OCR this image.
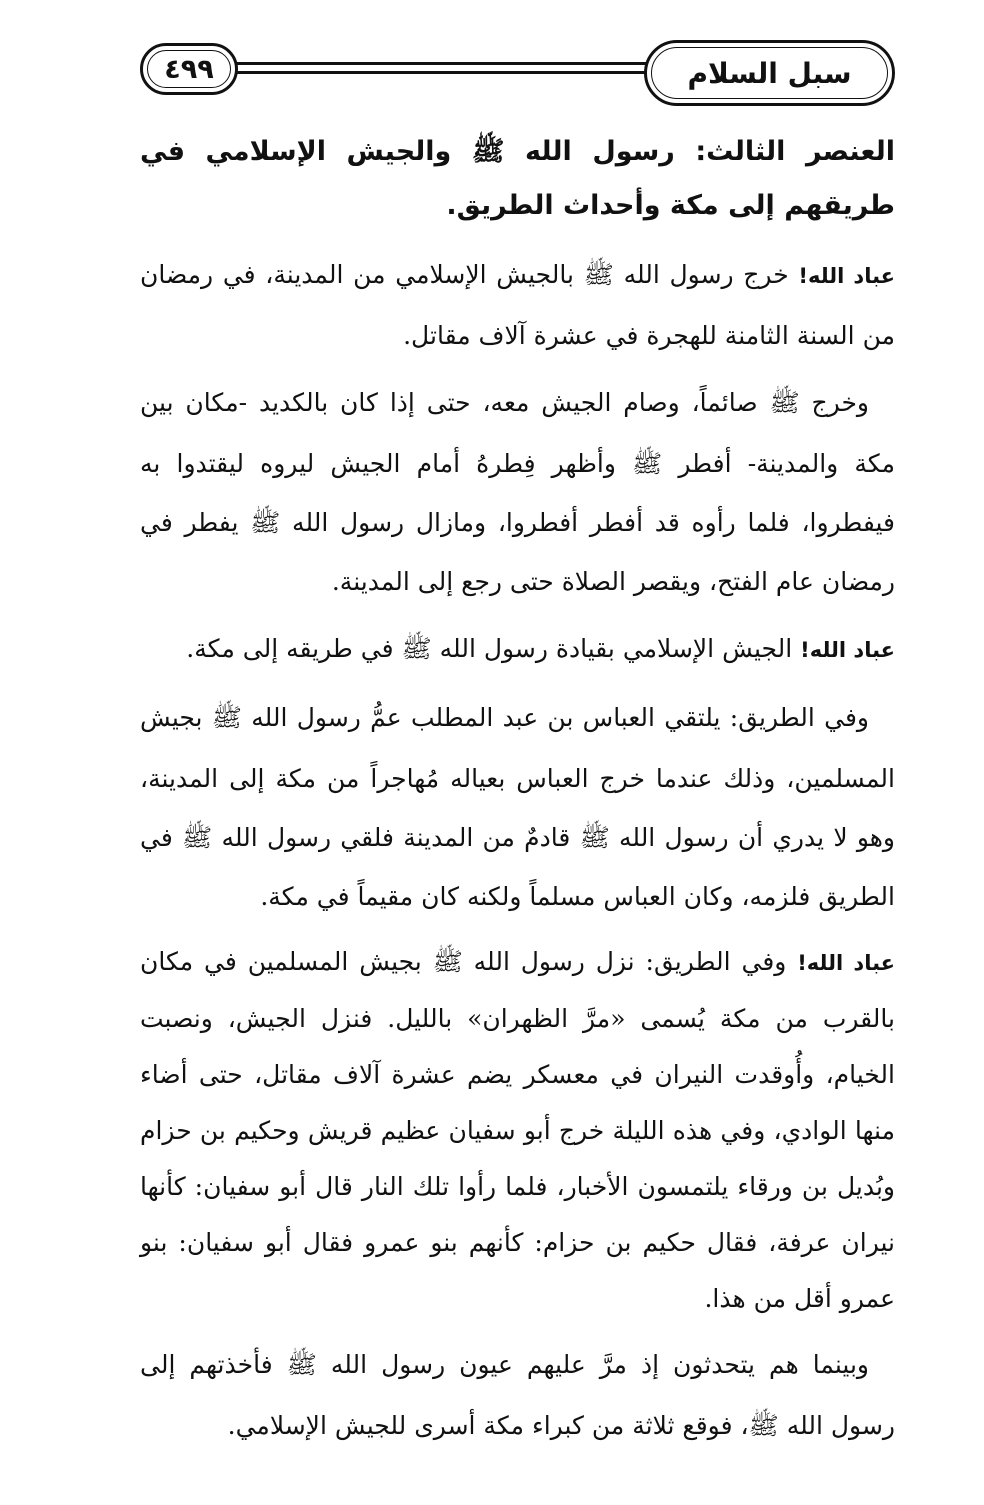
٤٩٩	سبل السلام

العنصر الثالث: رسول الله ﷺ والجيش الإسلامي في طريقهم إلى مكة وأحداث الطريق.

عباد الله! خرج رسول الله ﷺ بالجيش الإسلامي من المدينة، في رمضان من السنة الثامنة للهجرة في عشرة آلاف مقاتل.

وخرج ﷺ صائماً، وصام الجيش معه، حتى إذا كان بالكديد -مكان بين مكة والمدينة- أفطر ﷺ وأظهر فِطرهُ أمام الجيش ليروه ليقتدوا به فيفطروا، فلما رأوه قد أفطر أفطروا، ومازال رسول الله ﷺ يفطر في رمضان عام الفتح، ويقصر الصلاة حتى رجع إلى المدينة.

عباد الله! الجيش الإسلامي بقيادة رسول الله ﷺ في طريقه إلى مكة.

وفي الطريق: يلتقي العباس بن عبد المطلب عمُّ رسول الله ﷺ بجيش المسلمين، وذلك عندما خرج العباس بعياله مُهاجراً من مكة إلى المدينة، وهو لا يدري أن رسول الله ﷺ قادمٌ من المدينة فلقي رسول الله ﷺ في الطريق فلزمه، وكان العباس مسلماً ولكنه كان مقيماً في مكة.

عباد الله! وفي الطريق: نزل رسول الله ﷺ بجيش المسلمين في مكان بالقرب من مكة يُسمى «مرَّ الظهران» بالليل. فنزل الجيش، ونصبت الخيام، وأُوقدت النيران في معسكر يضم عشرة آلاف مقاتل، حتى أضاء منها الوادي، وفي هذه الليلة خرج أبو سفيان عظيم قريش وحكيم بن حزام وبُديل بن ورقاء يلتمسون الأخبار، فلما رأوا تلك النار قال أبو سفيان: كأنها نيران عرفة، فقال حكيم بن حزام: كأنهم بنو عمرو فقال أبو سفيان: بنو عمرو أقل من هذا.

وبينما هم يتحدثون إذ مرَّ عليهم عيون رسول الله ﷺ فأخذتهم إلى رسول الله ﷺ، فوقع ثلاثة من كبراء مكة أسرى للجيش الإسلامي.
